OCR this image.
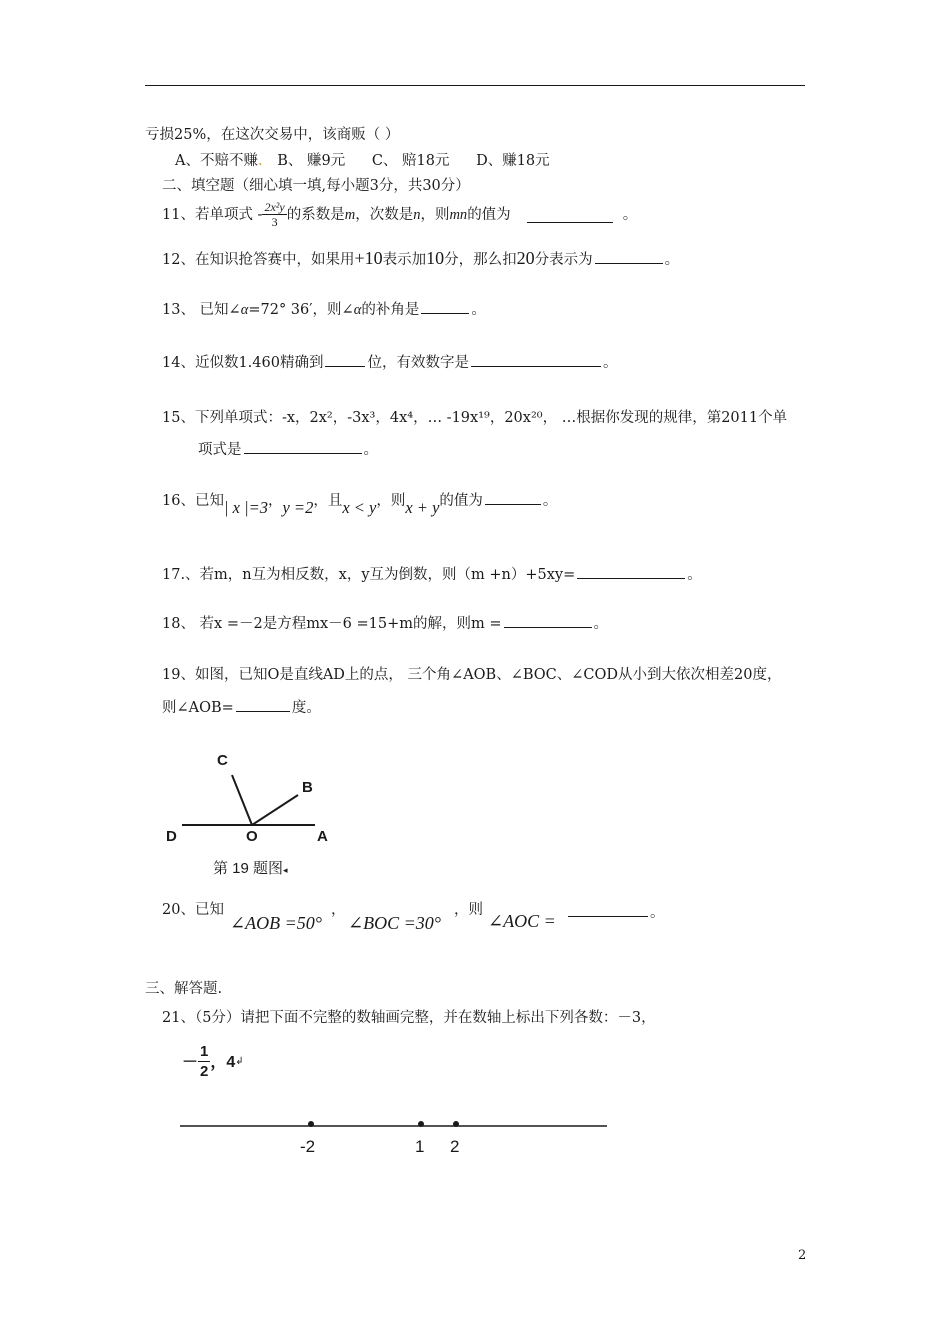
亏损25%，在这次交易中，该商贩（ ）
A、不赔不赚. B、 赚9元 C、 赔18元 D、赚18元
二、填空题（细心填一填,每小题3分，共30分）
11、若单项式 - $\frac{\text{2x²y}}{3}$ 的系数是 m ，次数是 n ，则 mn 的值为	。
12、在知识抢答赛中，如果用+10表示加10分，那么扣20分表示为	。
13、 已知∠α=72° 36′，则∠α的补角是	。
14、近似数1.460精确到	位，有效数字是	。
15、下列单项式：-x，2x²，-3x³，4x⁴，… -19x¹⁹，20x²⁰， …根据你发现的规律，第2011个单
项式是	。
16、已知| x |=3，y =2，且x < y，则x + y的值为	。
17.、若m，n互为相反数，x，y互为倒数，则（m +n）+5xy=	。
18、 若x =－2是方程mx－6 =15+m的解，则m =	。
19、如图，已知O是直线AD上的点， 三个角∠AOB、∠BOC、∠COD从小到大依次相差20度，
则∠AOB=	度。
C
B
D	O	A
第 19 题图◂
20、已知
∠AOB =50°
，
∠BOC =30°
，则
∠AOC =	。
三、解答题.
21、（5分）请把下面不完整的数轴画完整，并在数轴上标出下列各数：－3，
－ $\frac{1}{2}$ ，4 ↲
-2	1 2
2
